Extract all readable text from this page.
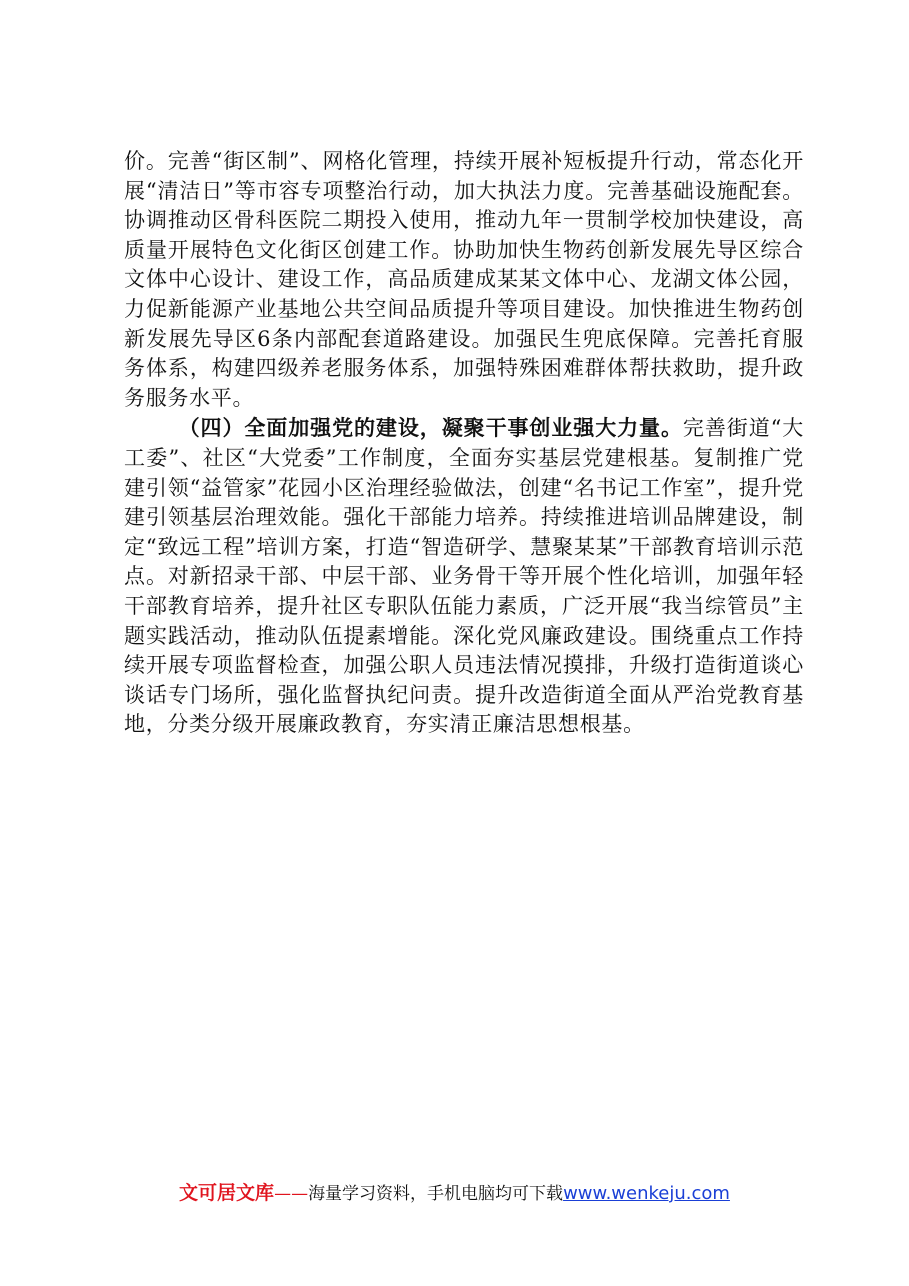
价。完善“街区制”、网格化管理，持续开展补短板提升行动，常态化开展“清洁日”等市容专项整治行动，加大执法力度。完善基础设施配套。协调推动区骨科医院二期投入使用，推动九年一贯制学校加快建设，高质量开展特色文化街区创建工作。协助加快生物药创新发展先导区综合文体中心设计、建设工作，高品质建成某某文体中心、龙湖文体公园，力促新能源产业基地公共空间品质提升等项目建设。加快推进生物药创新发展先导区6条内部配套道路建设。加强民生兜底保障。完善托育服务体系，构建四级养老服务体系，加强特殊困难群体帮扶救助，提升政务服务水平。

（四）全面加强党的建设，凝聚干事创业强大力量。完善街道“大工委”、社区“大党委”工作制度，全面夯实基层党建根基。复制推广党建引领“益管家”花园小区治理经验做法，创建“名书记工作室”，提升党建引领基层治理效能。强化干部能力培养。持续推进培训品牌建设，制定“致远工程”培训方案，打造“智造研学、慧聚某某”干部教育培训示范点。对新招录干部、中层干部、业务骨干等开展个性化培训，加强年轻干部教育培养，提升社区专职队伍能力素质，广泛开展“我当综管员”主题实践活动，推动队伍提素增能。深化党风廉政建设。围绕重点工作持续开展专项监督检查，加强公职人员违法情况摸排，升级打造街道谈心谈话专门场所，强化监督执纪问责。提升改造街道全面从严治党教育基地，分类分级开展廉政教育，夯实清正廉洁思想根基。

文可居文库——海量学习资料，手机电脑均可下载www.wenkeju.com
